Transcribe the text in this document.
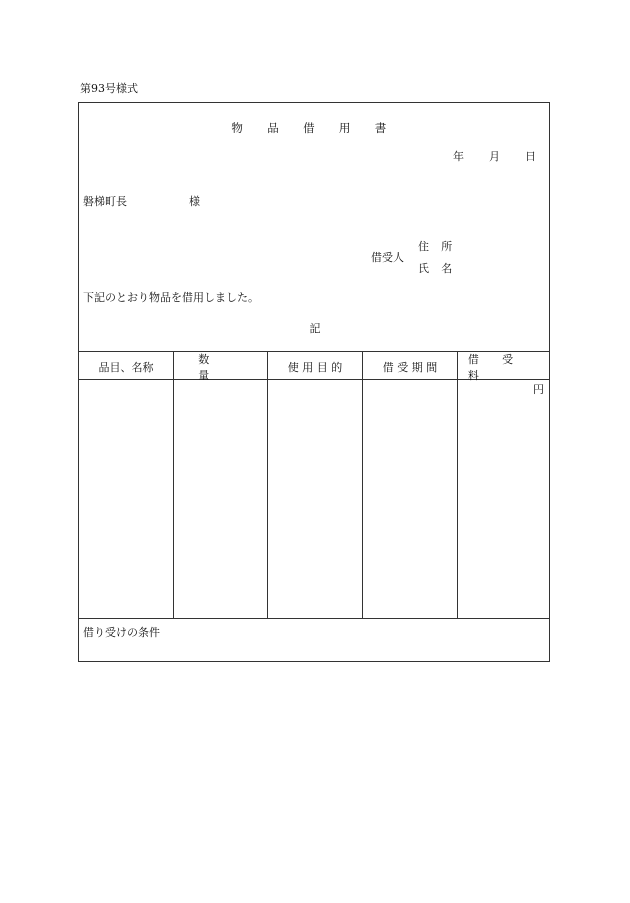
第93号様式
物 品 借 用 書
年 月 日
磐梯町長	様
借受人
住 所
氏 名
下記のとおり物品を借用しました。
記
品目、名称
数 量
使 用 目 的	借 受 期 間
借 受 料
円
借り受けの条件
